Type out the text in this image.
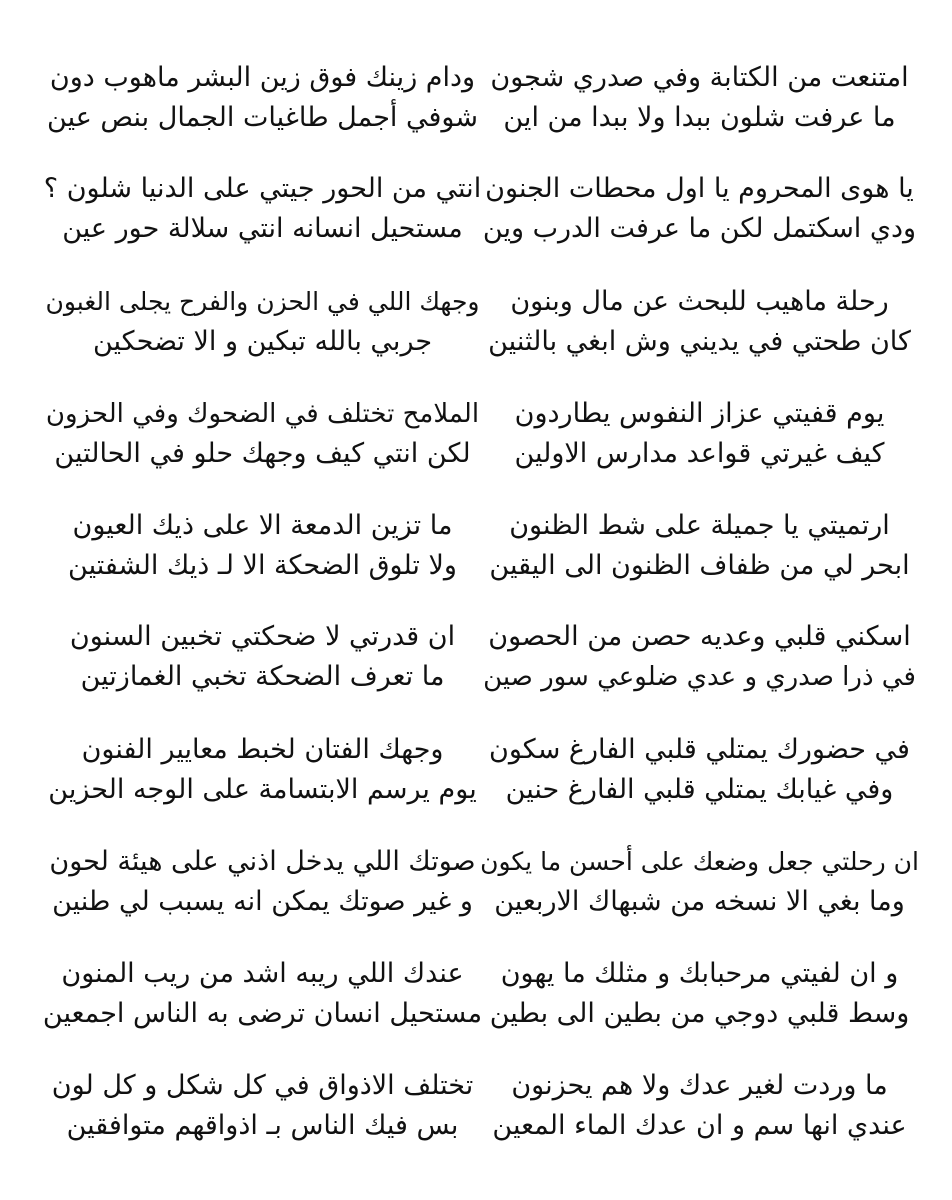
امتنعت من الكتابة وفي صدري شجون
ما عرفت شلون ببدا ولا ببدا من اين
ودام زينك فوق زين البشر ماهوب دون
شوفي أجمل طاغيات الجمال بنص عين
يا هوى المحروم يا اول محطات الجنون
ودي اسكتمل لكن ما عرفت الدرب وين
انتي من الحور جيتي على الدنيا شلون ؟
مستحيل انسانه انتي سلالة حور عين
رحلة ماهيب للبحث عن مال وبنون
كان طحتي في يديني وش ابغي بالثنين
وجهك اللي في الحزن والفرح يجلى الغبون
جربي بالله تبكين و الا تضحكين
يوم قفيتي عزاز النفوس يطاردون
كيف غيرتي قواعد مدارس الاولين
الملامح تختلف في الضحوك وفي الحزون
لكن انتي كيف وجهك حلو في الحالتين
ارتميتي يا جميلة على شط الظنون
ابحر لي من ظفاف الظنون الى اليقين
ما تزين الدمعة الا على ذيك العيون
ولا تلوق الضحكة الا لـ ذيك الشفتين
اسكني قلبي وعديه حصن من الحصون
في ذرا صدري و عدي ضلوعي سور صين
ان قدرتي لا ضحكتي تخبين السنون
ما تعرف الضحكة تخبي الغمازتين
في حضورك يمتلي قلبي الفارغ سكون
وفي غيابك يمتلي قلبي الفارغ حنين
وجهك الفتان لخبط معايير الفنون
يوم يرسم الابتسامة على الوجه الحزين
ان رحلتي جعل وضعك على أحسن ما يكون
وما بغي الا نسخه من شبهاك الاربعين
صوتك اللي يدخل اذني على هيئة لحون
و غير صوتك يمكن انه يسبب لي طنين
و ان لفيتي مرحبابك و مثلك ما يهون
وسط قلبي دوجي من بطين الى بطين
عندك اللي ريبه اشد من ريب المنون
مستحيل انسان ترضى به الناس اجمعين
ما وردت لغير عدك ولا هم يحزنون
عندي انها سم و ان عدك الماء المعين
تختلف الاذواق في كل شكل و كل لون
بس فيك الناس بـ اذواقهم متوافقين
